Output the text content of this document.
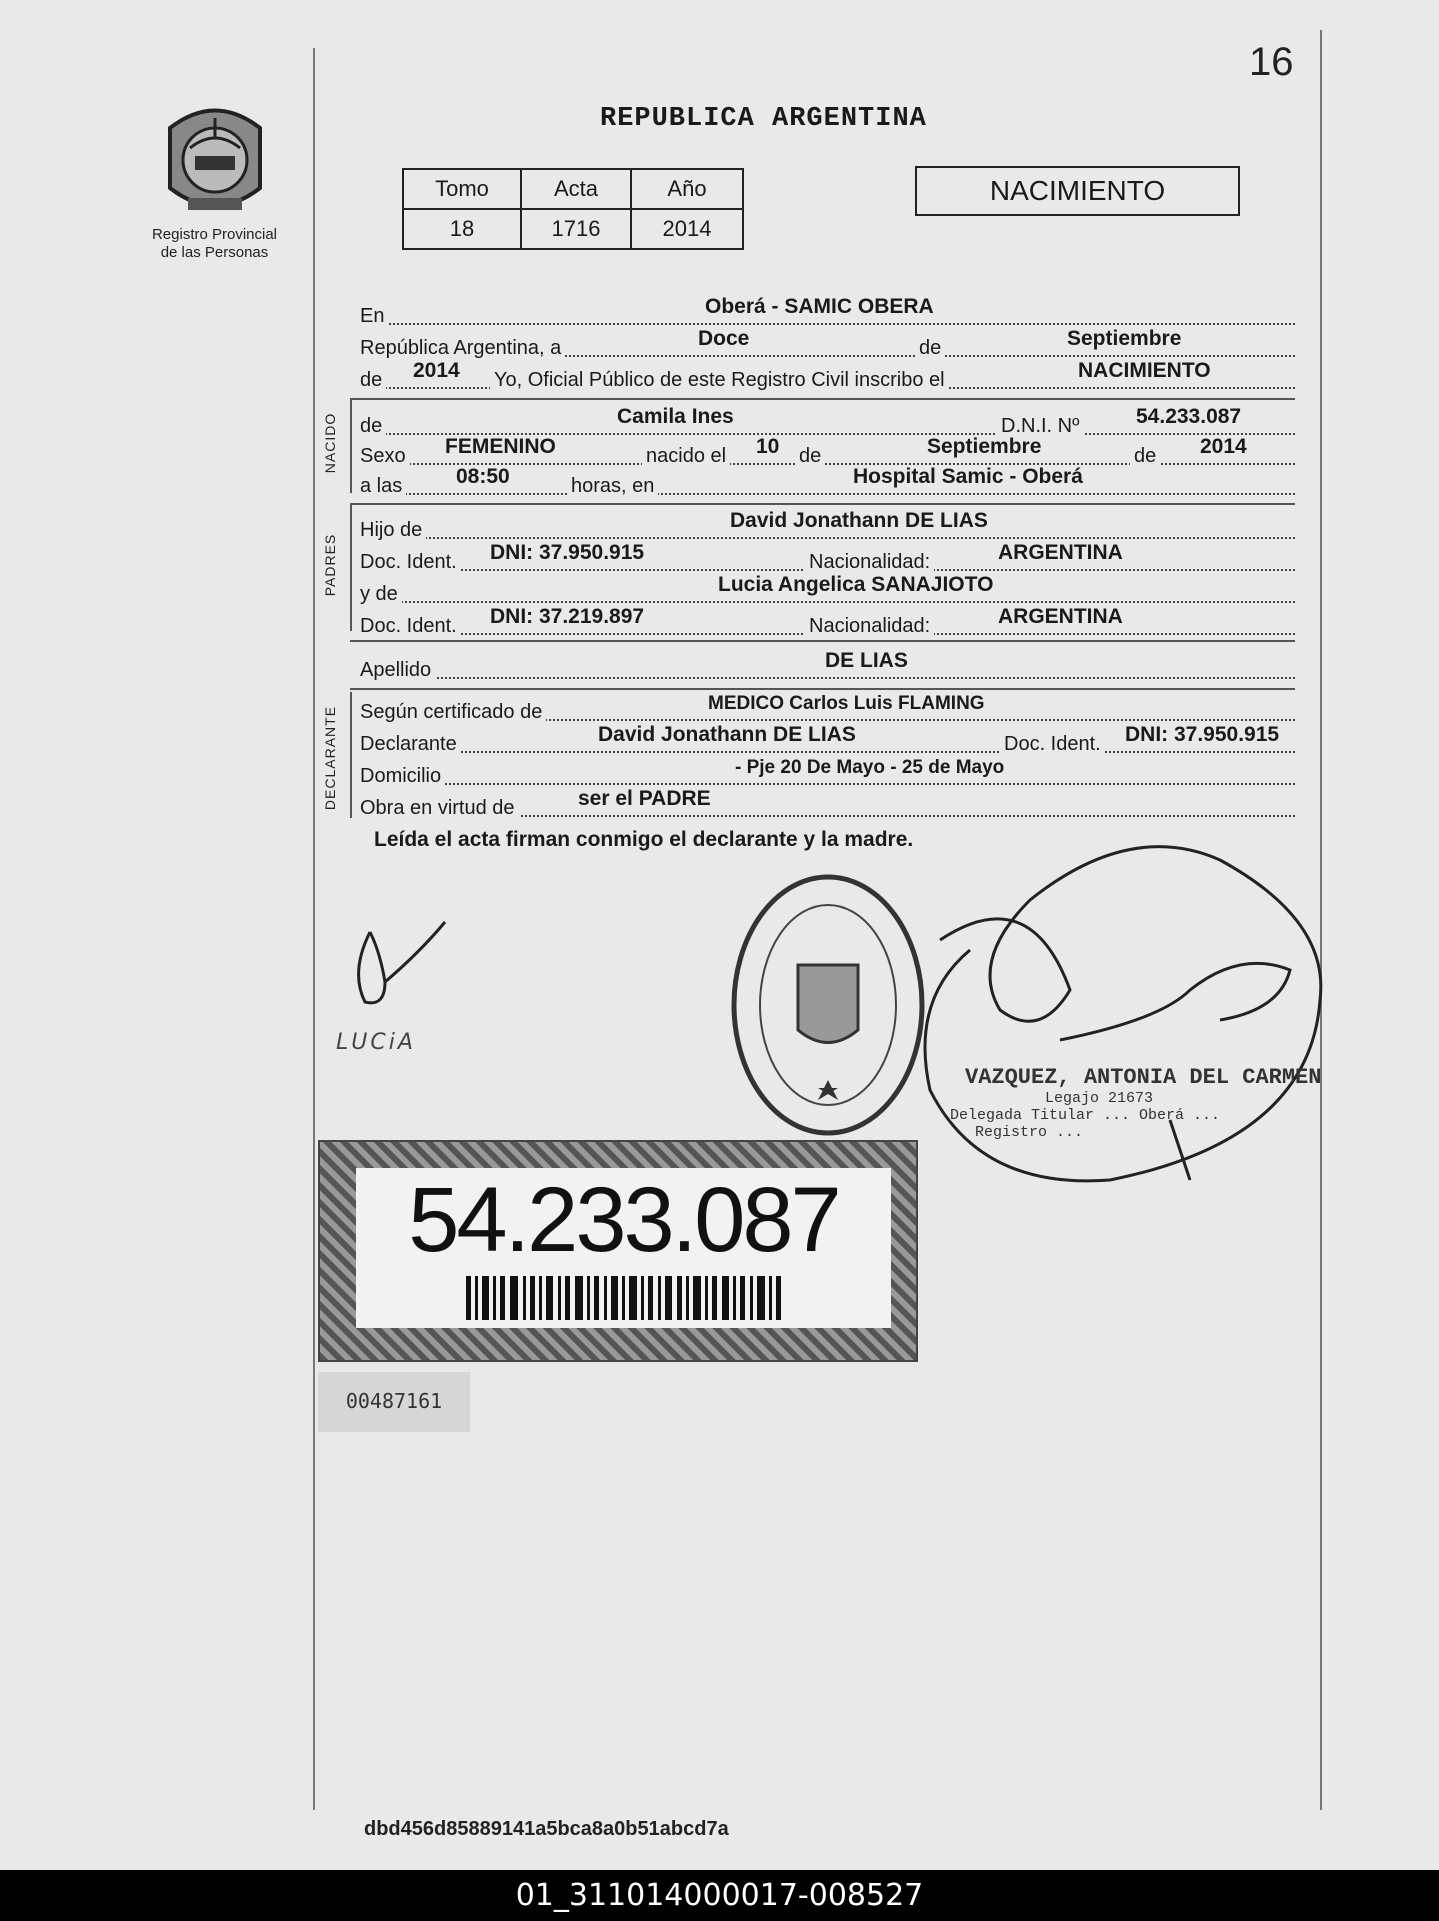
16
Registro Provincial
de las Personas
REPUBLICA ARGENTINA
Tomo	Acta	Año
18	1716	2014
NACIMIENTO
En	Oberá - SAMIC OBERA
República Argentina, a	Doce	de	Septiembre
de 2014 Yo, Oficial Público de este Registro Civil inscribo el	NACIMIENTO
NACIDO de	Camila Ines	D.N.I. Nº	54.233.087
Sexo FEMENINO	nacido el 10 de	Septiembre	de 2014
a las	08:50	horas, en	Hospital Samic - Oberá
PADRES
Hijo de	David Jonathann DE LIAS
Doc. Ident. DNI: 37.950.915	Nacionalidad:	ARGENTINA
y de	Lucia Angelica SANAJIOTO
Doc. Ident. DNI: 37.219.897	Nacionalidad:	ARGENTINA
Apellido	DE LIAS
DECLARANTE Según certificado de	MEDICO Carlos Luis FLAMING
Declarante	David Jonathann DE LIAS	Doc. Ident. DNI: 37.950.915
Domicilio	- Pje 20 De Mayo - 25 de Mayo
Obra en virtud de	ser el PADRE
Leída el acta firman conmigo el declarante y la madre.
LUCiA
VAZQUEZ, ANTONIA DEL CARMEN
Legajo 21673
Delegada Titular ... Oberá ...
Registro ...
54.233.087
00487161
dbd456d85889141a5bca8a0b51abcd7a
01_311014000017-008527
